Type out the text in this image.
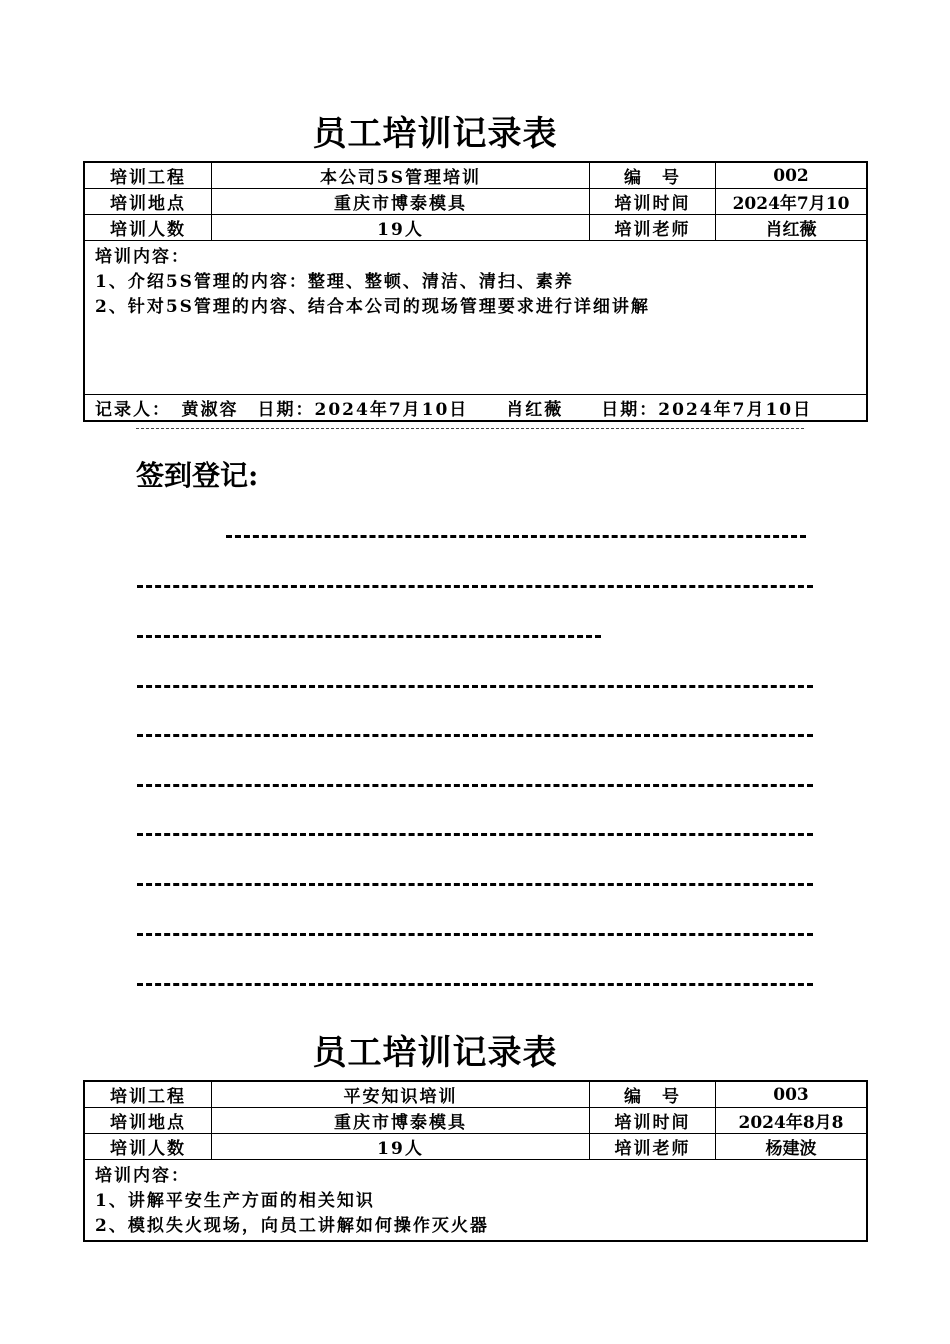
员工培训记录表
培训工程	本公司5S管理培训	编　号	002
培训地点	重庆市博泰模具	培训时间	2024年7月10
培训人数	19人	培训老师	肖红薇
培训内容：
1、介绍5S管理的内容：整理、整顿、清洁、清扫、素养
2、针对5S管理的内容、结合本公司的现场管理要求进行详细讲解
记录人：　黄淑容　日期：2024年7月10日　　肖红薇　　日期：2024年7月10日
签到登记:
员工培训记录表
培训工程	平安知识培训	编　号	003
培训地点	重庆市博泰模具	培训时间	2024年8月8
培训人数	19人	培训老师	杨建波
培训内容：
1、讲解平安生产方面的相关知识
2、模拟失火现场，向员工讲解如何操作灭火器
